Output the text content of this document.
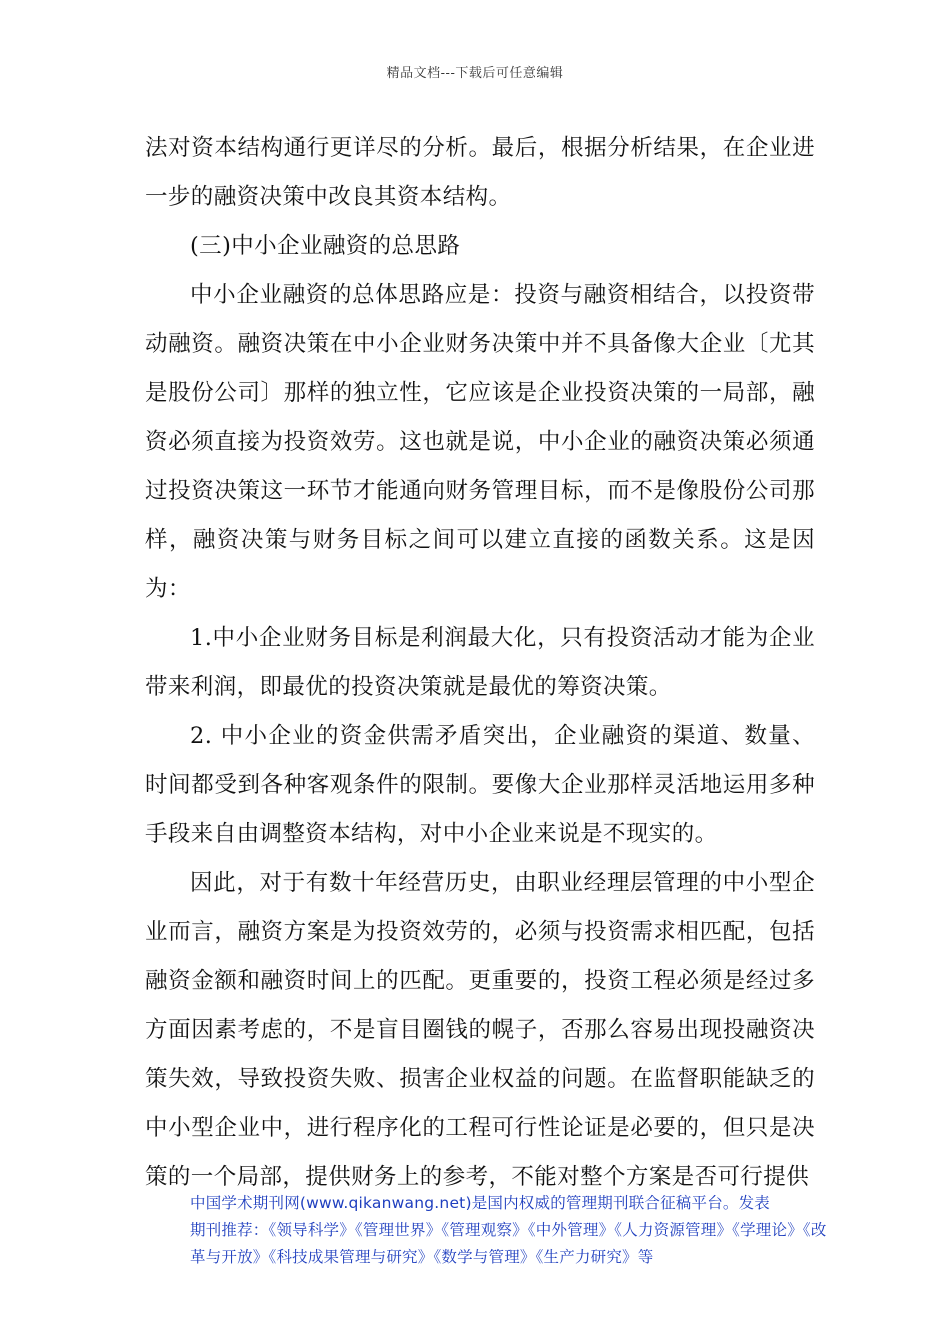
精品文档---下载后可任意编辑

法对资本结构通行更详尽的分析。最后，根据分析结果，在企业进一步的融资决策中改良其资本结构。

(三)中小企业融资的总思路

中小企业融资的总体思路应是：投资与融资相结合，以投资带动融资。融资决策在中小企业财务决策中并不具备像大企业〔尤其是股份公司〕那样的独立性，它应该是企业投资决策的一局部，融资必须直接为投资效劳。这也就是说，中小企业的融资决策必须通过投资决策这一环节才能通向财务管理目标，而不是像股份公司那样，融资决策与财务目标之间可以建立直接的函数关系。这是因为：

1.中小企业财务目标是利润最大化，只有投资活动才能为企业带来利润，即最优的投资决策就是最优的筹资决策。

2. 中小企业的资金供需矛盾突出，企业融资的渠道、数量、时间都受到各种客观条件的限制。要像大企业那样灵活地运用多种手段来自由调整资本结构，对中小企业来说是不现实的。

因此，对于有数十年经营历史，由职业经理层管理的中小型企业而言，融资方案是为投资效劳的，必须与投资需求相匹配，包括融资金额和融资时间上的匹配。更重要的，投资工程必须是经过多方面因素考虑的，不是盲目圈钱的幌子，否那么容易出现投融资决策失效，导致投资失败、损害企业权益的问题。在监督职能缺乏的中小型企业中，进行程序化的工程可行性论证是必要的，但只是决策的一个局部，提供财务上的参考，不能对整个方案是否可行提供

中国学术期刊网(www.qikanwang.net)是国内权威的管理期刊联合征稿平台。发表

期刊推荐：《领导科学》《管理世界》《管理观察》《中外管理》《人力资源管理》《学理论》《改

革与开放》《科技成果管理与研究》《数学与管理》《生产力研究》等
